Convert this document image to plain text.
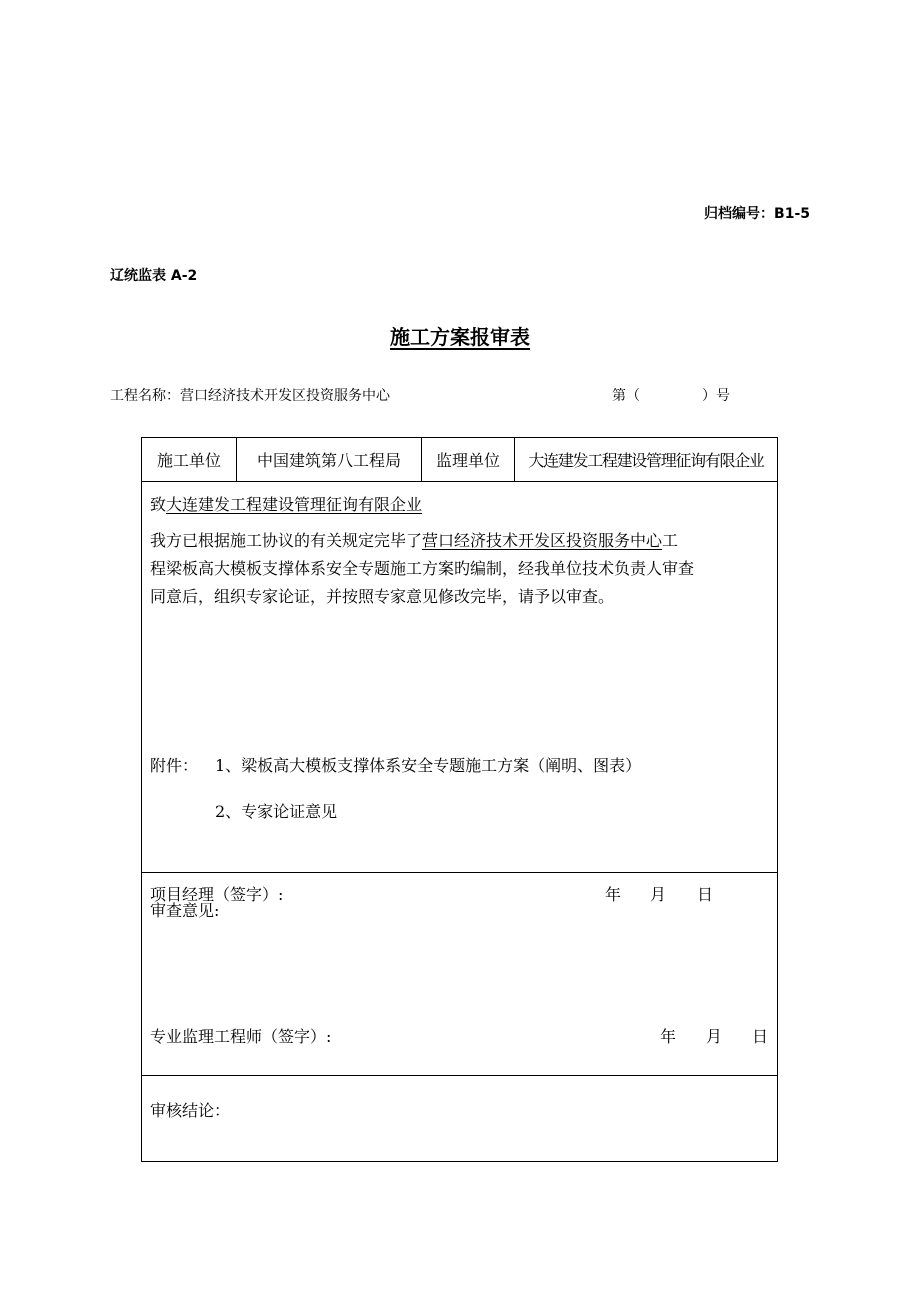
归档编号：B1-5
辽统监表 A-2
施工方案报审表
工程名称：营口经济技术开发区投资服务中心	第（	）号
施工单位	中国建筑第八工程局	监理单位	大连建发工程建设管理征询有限企业
致大连建发工程建设管理征询有限企业
我方已根据施工协议的有关规定完毕了营口经济技术开发区投资服务中心工
程梁板高大模板支撑体系安全专题施工方案旳编制，经我单位技术负责人审查
同意后，组织专家论证，并按照专家意见修改完毕，请予以审查。
附件： 1、梁板高大模板支撑体系安全专题施工方案（阐明、图表）
2、专家论证意见
项目经理（签字）:	年 月 日
审查意见:
专业监理工程师（签字）:	年 月 日
审核结论：
